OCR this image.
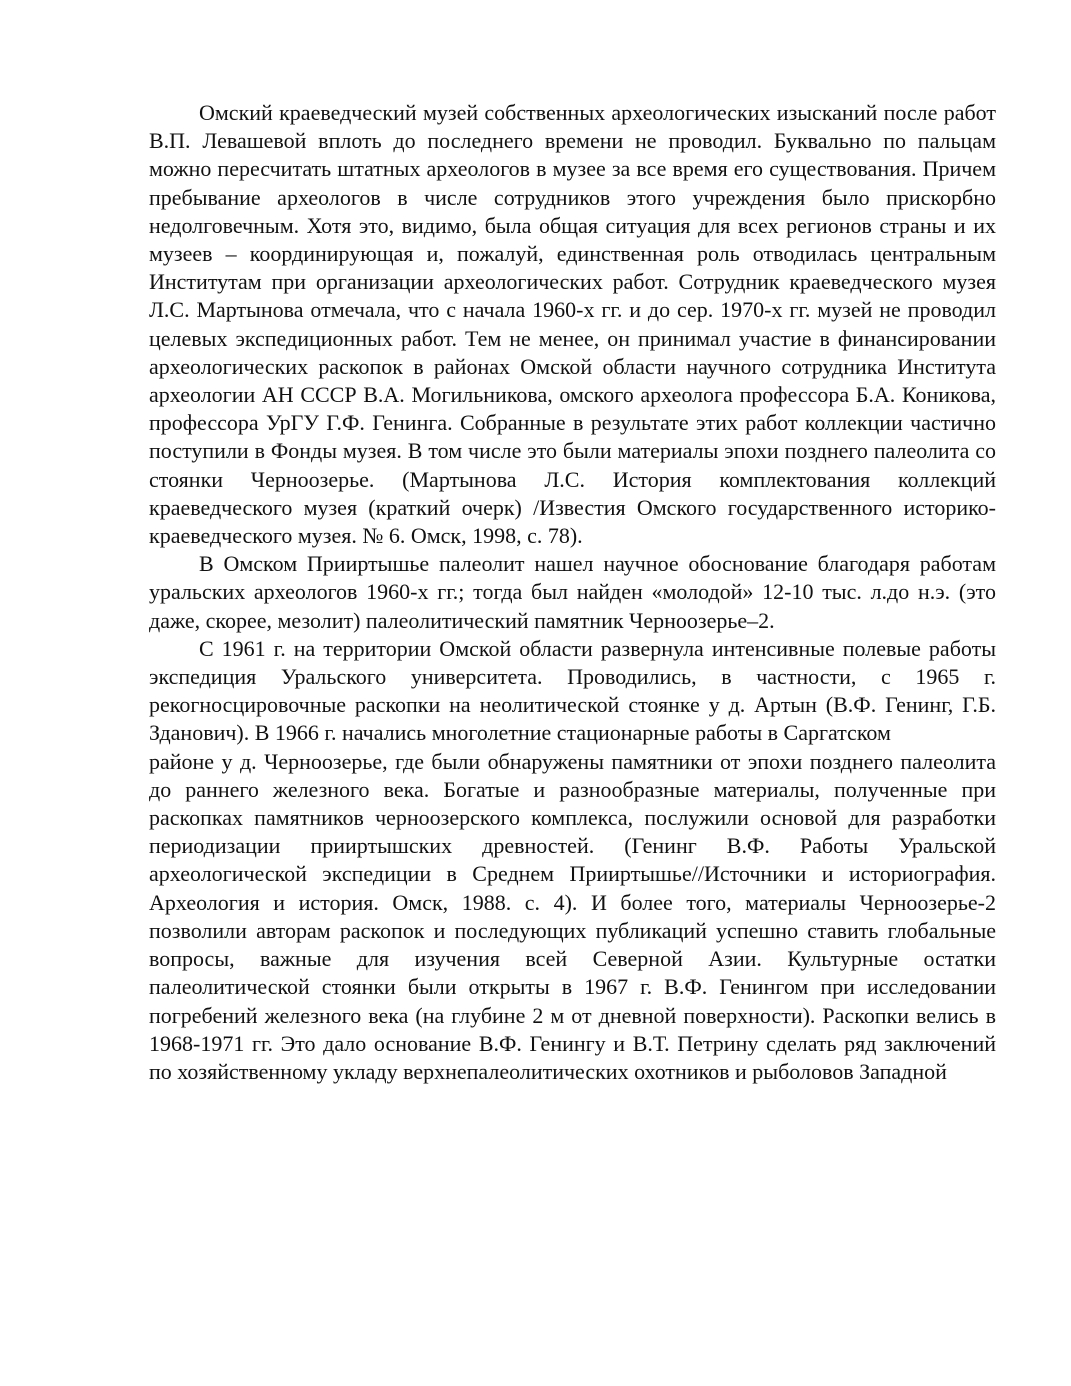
Омский краеведческий музей собственных археологических изысканий после работ В.П. Левашевой вплоть до последнего времени не проводил. Буквально по пальцам можно пересчитать штатных археологов в музее за все время его существования. Причем пребывание археологов в числе сотрудников этого учреждения было прискорбно недолговечным. Хотя это, видимо, была общая ситуация для всех регионов страны и их музеев – координирующая и, пожалуй, единственная роль отводилась центральным Институтам при организации археологических работ. Сотрудник краеведческого музея Л.С. Мартынова отмечала, что с начала 1960-х гг. и до сер. 1970-х гг. музей не проводил целевых экспедиционных работ. Тем не менее, он принимал участие в финансировании археологических раскопок в районах Омской области научного сотрудника Института археологии АН СССР В.А. Могильникова, омского археолога профессора Б.А. Коникова, профессора УрГУ Г.Ф. Генинга. Собранные в результате этих работ коллекции частично поступили в Фонды музея. В том числе это были материалы эпохи позднего палеолита со стоянки Черноозерье. (Мартынова Л.С. История комплектования коллекций краеведческого музея (краткий очерк) /Известия Омского государственного историко-краеведческого музея. № 6. Омск, 1998, с. 78).

В Омском Прииртышье палеолит нашел научное обоснование благодаря работам уральских археологов 1960-х гг.; тогда был найден «молодой» 12-10 тыс. л.до н.э. (это даже, скорее, мезолит) палеолитический памятник Черноозерье–2.

С 1961 г. на территории Омской области развернула интенсивные полевые работы экспедиция Уральского университета. Проводились, в частности, с 1965 г. рекогносцировочные раскопки на неолитической стоянке у д. Артын (В.Ф. Генинг, Г.Б. Зданович). В 1966 г. начались многолетние стационарные работы в Саргатском

районе у д. Черноозерье, где были обнаружены памятники от эпохи позднего палеолита до раннего железного века. Богатые и разнообразные материалы, полученные при раскопках памятников черноозерского комплекса, послужили основой для разработки периодизации прииртышских древностей. (Генинг В.Ф. Работы Уральской археологической экспедиции в Среднем Прииртышье//Источники и историография. Археология и история. Омск, 1988. с. 4). И более того, материалы Черноозерье-2 позволили авторам раскопок и последующих публикаций успешно ставить глобальные вопросы, важные для изучения всей Северной Азии. Культурные остатки палеолитической стоянки были открыты в 1967 г. В.Ф. Генингом при исследовании погребений железного века (на глубине 2 м от дневной поверхности). Раскопки велись в 1968-1971 гг. Это дало основание В.Ф. Генингу и В.Т. Петрину сделать ряд заключений по хозяйственному укладу верхнепалеолитических охотников и рыболовов Западной
